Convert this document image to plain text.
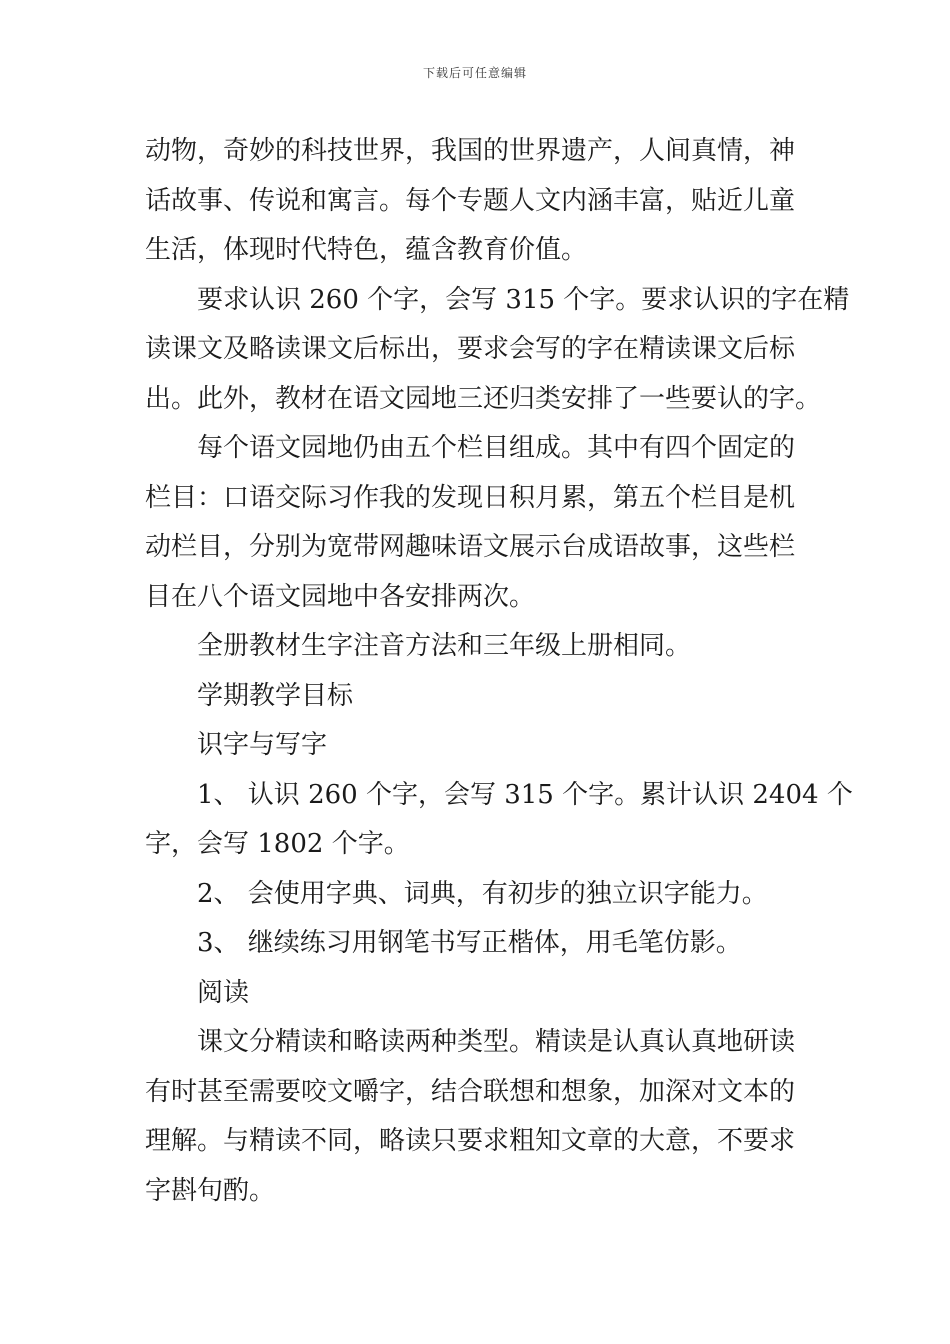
下载后可任意编辑
动物，奇妙的科技世界，我国的世界遗产，人间真情，神
话故事、传说和寓言。每个专题人文内涵丰富，贴近儿童
生活，体现时代特色，蕴含教育价值。
要求认识 260 个字，会写 315 个字。要求认识的字在精
读课文及略读课文后标出，要求会写的字在精读课文后标
出。此外，教材在语文园地三还归类安排了一些要认的字。
每个语文园地仍由五个栏目组成。其中有四个固定的
栏目：口语交际习作我的发现日积月累，第五个栏目是机
动栏目，分别为宽带网趣味语文展示台成语故事，这些栏
目在八个语文园地中各安排两次。
全册教材生字注音方法和三年级上册相同。
学期教学目标
识字与写字
1、 认识 260 个字，会写 315 个字。累计认识 2404 个
字，会写 1802 个字。
2、 会使用字典、词典，有初步的独立识字能力。
3、 继续练习用钢笔书写正楷体，用毛笔仿影。
阅读
课文分精读和略读两种类型。精读是认真认真地研读
有时甚至需要咬文嚼字，结合联想和想象，加深对文本的
理解。与精读不同，略读只要求粗知文章的大意，不要求
字斟句酌。
